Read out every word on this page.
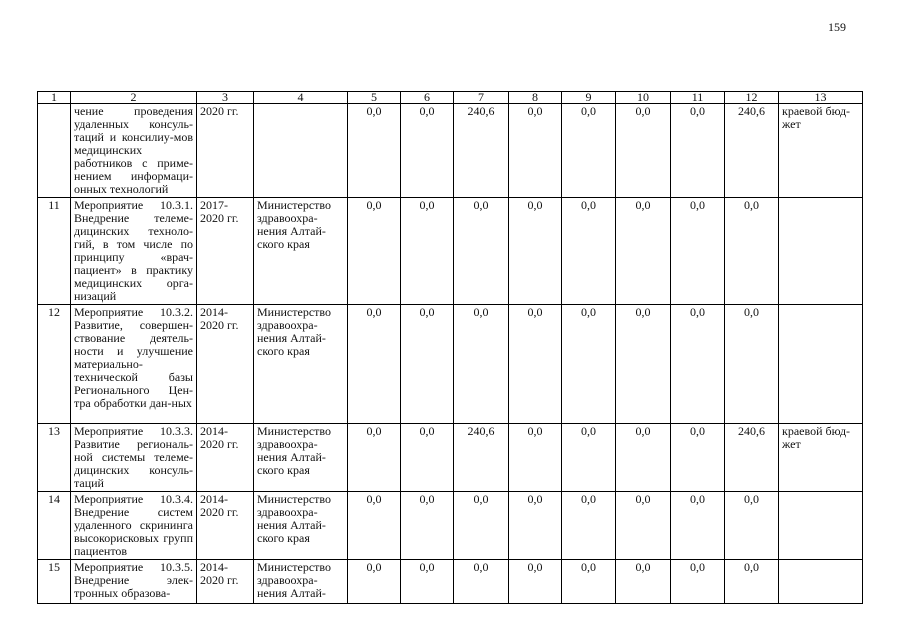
159
1	2	3	4	5	6	7	8	9	10	11	12	13
	чение проведения удаленных консуль-таций и консилиу-мов медицинских работников с приме-нением информаци-онных технологий	2020 гг.		0,0	0,0	240,6	0,0	0,0	0,0	0,0	240,6	краевой бюд-жет
11	Мероприятие 10.3.1. Внедрение телеме-дицинских техноло-гий, в том числе по принципу «врач-пациент» в практику медицинских орга-низаций	2017-2020 гг.	Министерство здравоохра-нения Алтай-ского края	0,0	0,0	0,0	0,0	0,0	0,0	0,0	0,0	
12	Мероприятие 10.3.2. Развитие, совершен-ствование деятель-ности и улучшение материально-технической базы Регионального Цен-тра обработки дан-ных	2014-2020 гг.	Министерство здравоохра-нения Алтай-ского края	0,0	0,0	0,0	0,0	0,0	0,0	0,0	0,0	
13	Мероприятие 10.3.3. Развитие региональ-ной системы телеме-дицинских консуль-таций	2014-2020 гг.	Министерство здравоохра-нения Алтай-ского края	0,0	0,0	240,6	0,0	0,0	0,0	0,0	240,6	краевой бюд-жет
14	Мероприятие 10.3.4. Внедрение систем удаленного скрининга высокорисковых групп пациентов	2014-2020 гг.	Министерство здравоохра-нения Алтай-ского края	0,0	0,0	0,0	0,0	0,0	0,0	0,0	0,0	
15	Мероприятие 10.3.5. Внедрение элек-тронных образова-	2014-2020 гг.	Министерство здравоохра-нения Алтай-	0,0	0,0	0,0	0,0	0,0	0,0	0,0	0,0	
